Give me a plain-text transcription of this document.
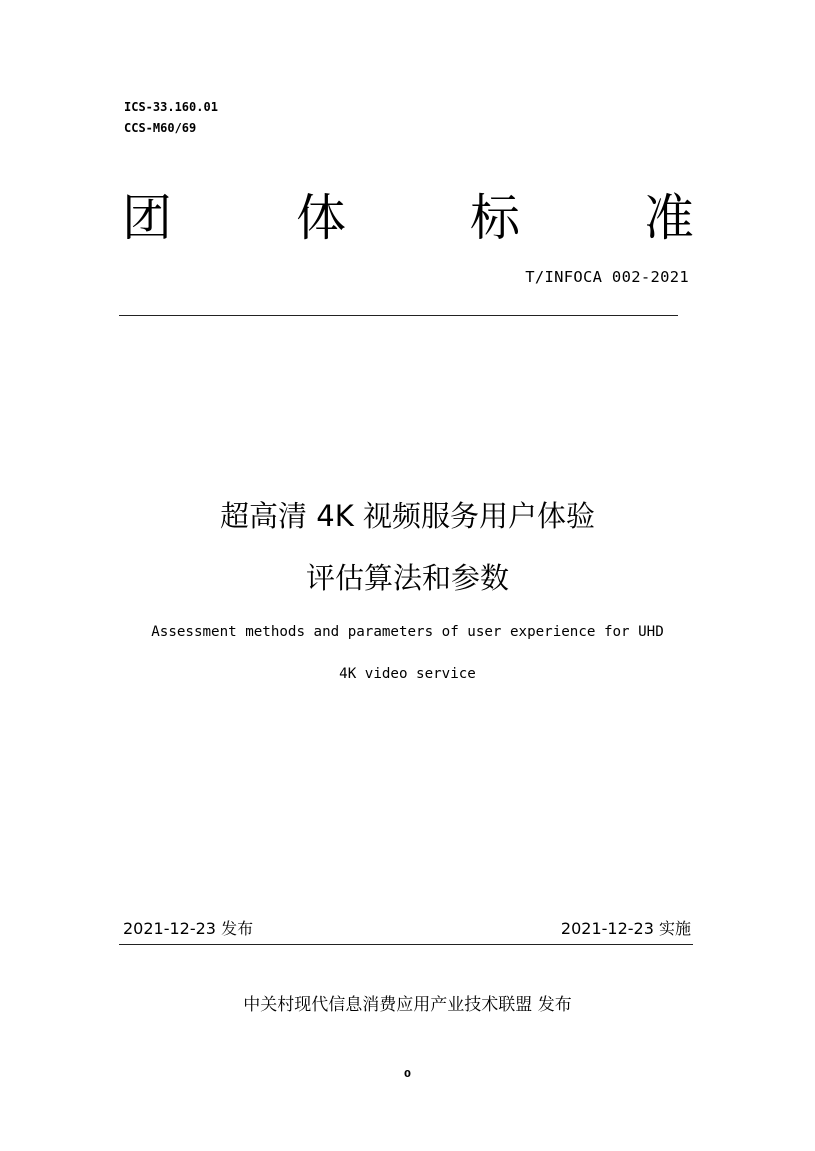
ICS-33.160.01
CCS-M60/69
团 体 标 准
T/INFOCA 002-2021
超高清 4K 视频服务用户体验
评估算法和参数
Assessment methods and parameters of user experience for UHD
4K video service
2021-12-23 发布	2021-12-23 实施
中关村现代信息消费应用产业技术联盟 发布
0
